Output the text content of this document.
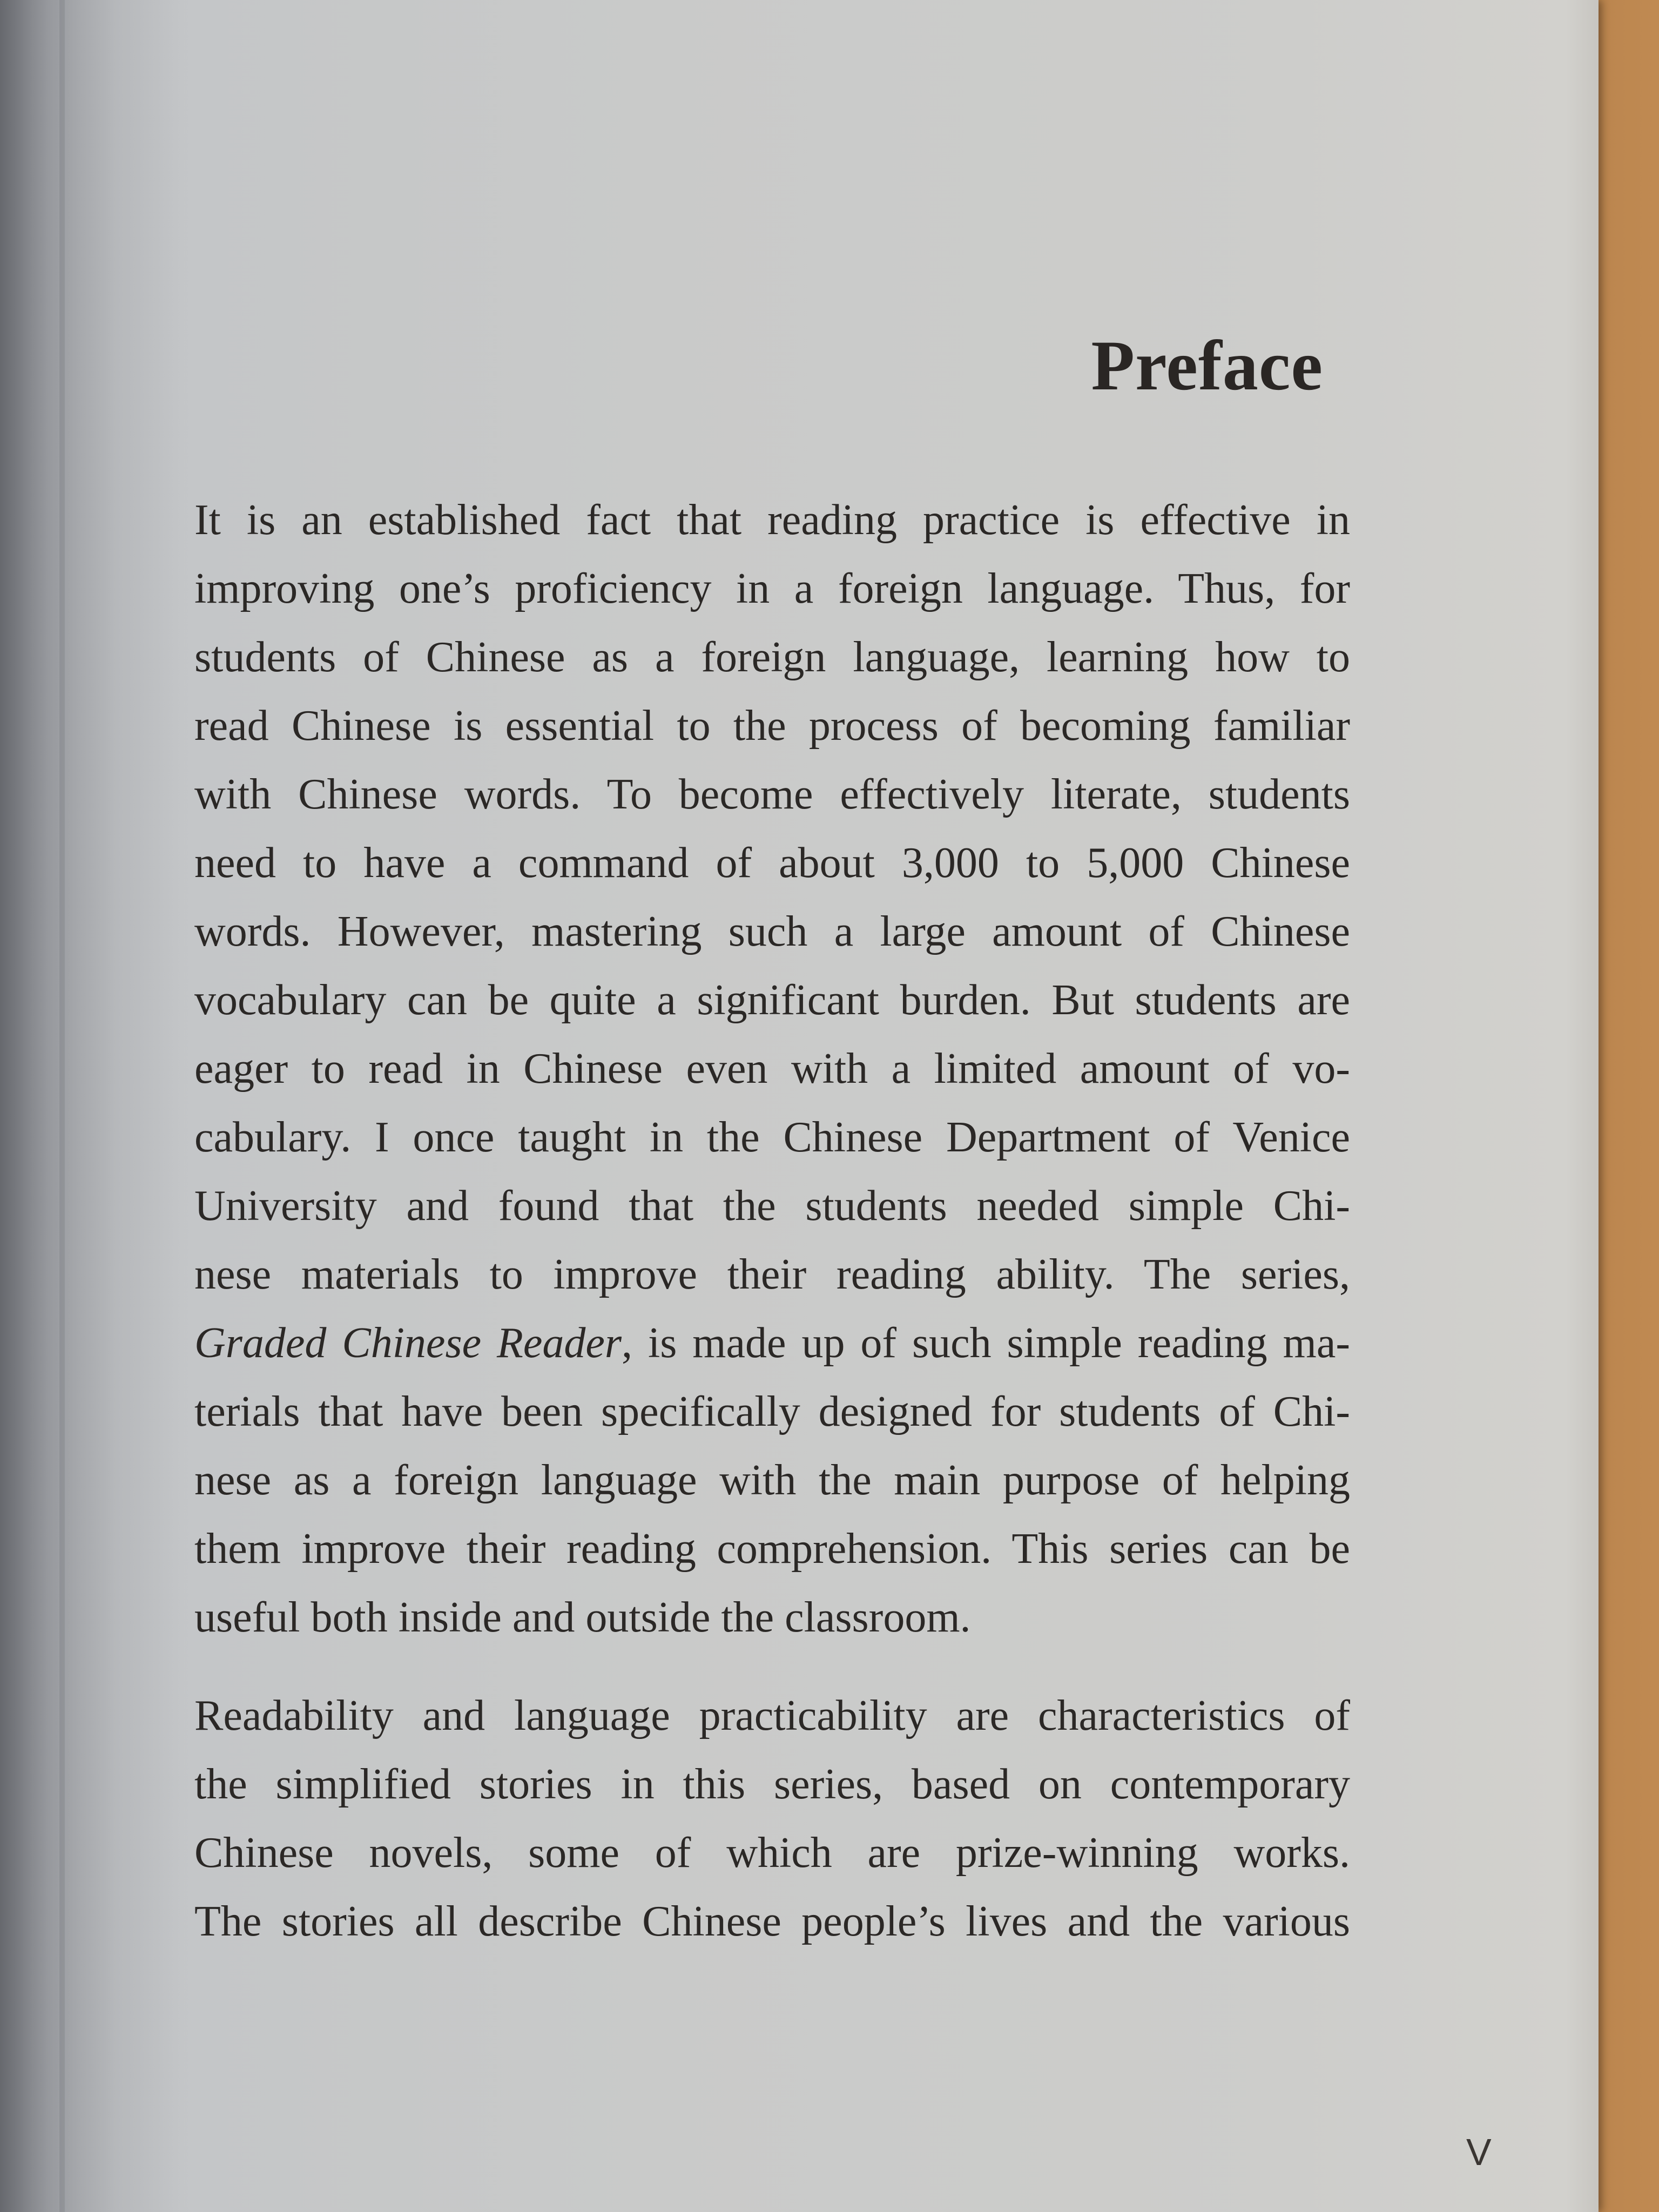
Preface
It is an established fact that reading practice is effective in
improving one’s proficiency in a foreign language. Thus, for
students of Chinese as a foreign language, learning how to
read Chinese is essential to the process of becoming familiar
with Chinese words. To become effectively literate, students
need to have a command of about 3,000 to 5,000 Chinese
words. However, mastering such a large amount of Chinese
vocabulary can be quite a significant burden. But students are
eager to read in Chinese even with a limited amount of vo-
cabulary. I once taught in the Chinese Department of Venice
University and found that the students needed simple Chi-
nese materials to improve their reading ability. The series,
Graded Chinese Reader, is made up of such simple reading ma-
terials that have been specifically designed for students of Chi-
nese as a foreign language with the main purpose of helping
them improve their reading comprehension. This series can be
useful both inside and outside the classroom.
Readability and language practicability are characteristics of
the simplified stories in this series, based on contemporary
Chinese novels, some of which are prize-winning works.
The stories all describe Chinese people’s lives and the various
V
